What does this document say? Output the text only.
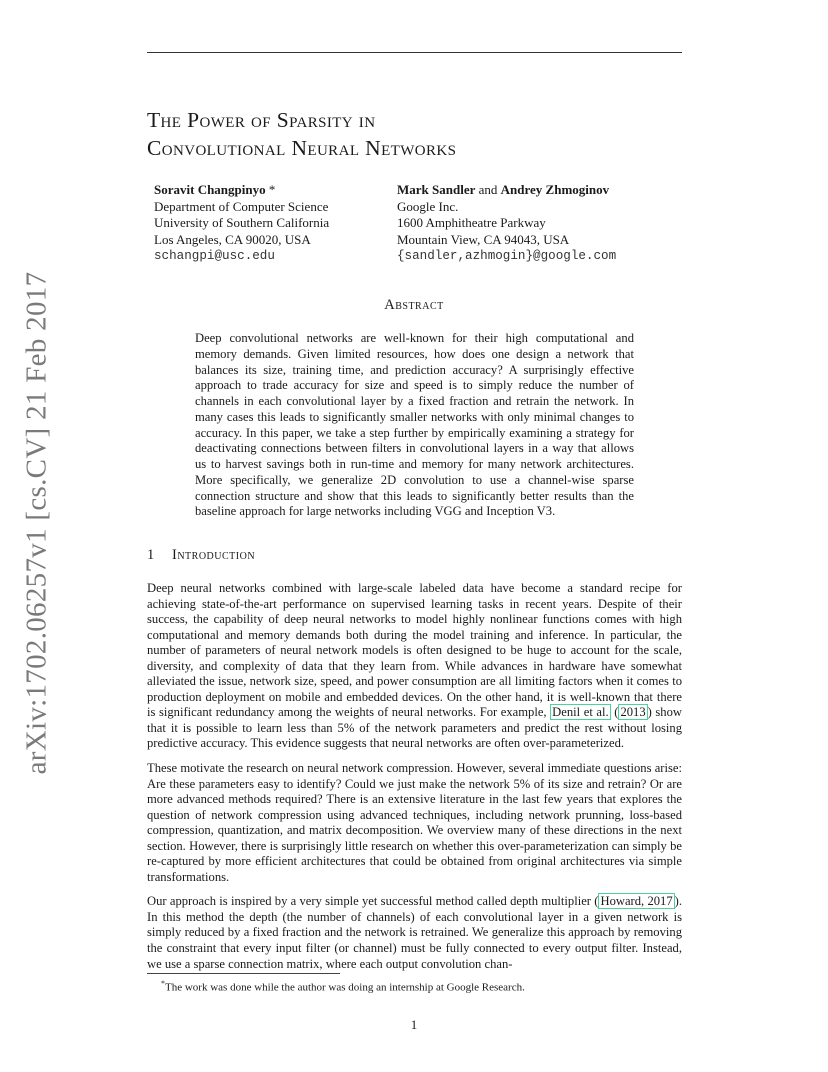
arXiv:1702.06257v1 [cs.CV] 21 Feb 2017
The Power of Sparsity in
Convolutional Neural Networks
Soravit Changpinyo *
Department of Computer Science
University of Southern California
Los Angeles, CA 90020, USA
schangpi@usc.edu
Mark Sandler and Andrey Zhmoginov
Google Inc.
1600 Amphitheatre Parkway
Mountain View, CA 94043, USA
{sandler,azhmogin}@google.com
Abstract

Deep convolutional networks are well-known for their high computational and memory demands. Given limited resources, how does one design a network that balances its size, training time, and prediction accuracy? A surprisingly effective approach to trade accuracy for size and speed is to simply reduce the number of channels in each convolutional layer by a fixed fraction and retrain the network. In many cases this leads to significantly smaller networks with only minimal changes to accuracy. In this paper, we take a step further by empirically examining a strategy for deactivating connections between filters in convolutional layers in a way that allows us to harvest savings both in run-time and memory for many network architectures. More specifically, we generalize 2D convolution to use a channel-wise sparse connection structure and show that this leads to significantly better results than the baseline approach for large networks including VGG and Inception V3.

1 Introduction

Deep neural networks combined with large-scale labeled data have become a standard recipe for achieving state-of-the-art performance on supervised learning tasks in recent years. Despite of their success, the capability of deep neural networks to model highly nonlinear functions comes with high computational and memory demands both during the model training and inference. In particular, the number of parameters of neural network models is often designed to be huge to account for the scale, diversity, and complexity of data that they learn from. While advances in hardware have somewhat alleviated the issue, network size, speed, and power consumption are all limiting factors when it comes to production deployment on mobile and embedded devices. On the other hand, it is well-known that there is significant redundancy among the weights of neural networks. For example, Denil et al. ( 2013 ) show that it is possible to learn less than 5% of the network parameters and predict the rest without losing predictive accuracy. This evidence suggests that neural networks are often over-parameterized.

These motivate the research on neural network compression. However, several immediate questions arise: Are these parameters easy to identify? Could we just make the network 5% of its size and retrain? Or are more advanced methods required? There is an extensive literature in the last few years that explores the question of network compression using advanced techniques, including network prunning, loss-based compression, quantization, and matrix decomposition. We overview many of these directions in the next section. However, there is surprisingly little research on whether this over-parameterization can simply be re-captured by more efficient architectures that could be obtained from original architectures via simple transformations.

Our approach is inspired by a very simple yet successful method called depth multiplier ( Howard, 2017 ). In this method the depth (the number of channels) of each convolutional layer in a given network is simply reduced by a fixed fraction and the network is retrained. We generalize this approach by removing the constraint that every input filter (or channel) must be fully connected to every output filter. Instead, we use a sparse connection matrix, where each output convolution chan-

*The work was done while the author was doing an internship at Google Research.
1
